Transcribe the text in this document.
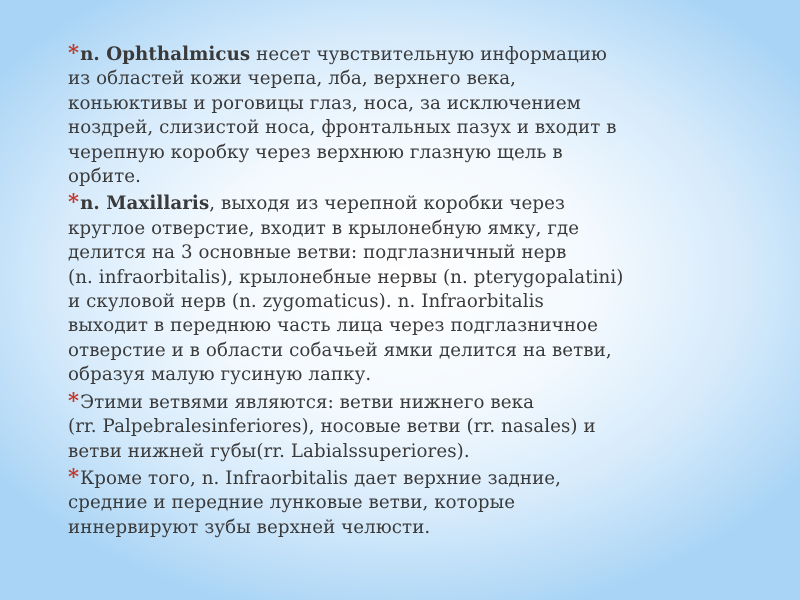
*n. Ophthalmicus несет чувствительную информацию
из областей кожи черепа, лба, верхнего века,
коньюктивы и роговицы глаз, носа, за исключением
ноздрей, слизистой носа, фронтальных пазух и входит в
черепную коробку через верхнюю глазную щель в
орбите.

*n. Maxillaris, выходя из черепной коробки через
круглое отверстие, входит в крылонебную ямку, где
делится на 3 основные ветви: подглазничный нерв
(n. infraorbitalis), крылонебные нервы (n. pterygopalatini)
и скуловой нерв (n. zygomaticus). n. Infraorbitalis
выходит в переднюю часть лица через подглазничное
отверстие и в области собачьей ямки делится на ветви,
образуя малую гусиную лапку.

*Этими ветвями являются: ветви нижнего века
(rr. Palpebralesinferiores), носовые ветви (rr. nasales) и
ветви нижней губы(rr. Labialssuperiores).

*Кроме того, n. Infraorbitalis дает верхние задние,
средние и передние лунковые ветви, которые
иннервируют зубы верхней челюсти.
